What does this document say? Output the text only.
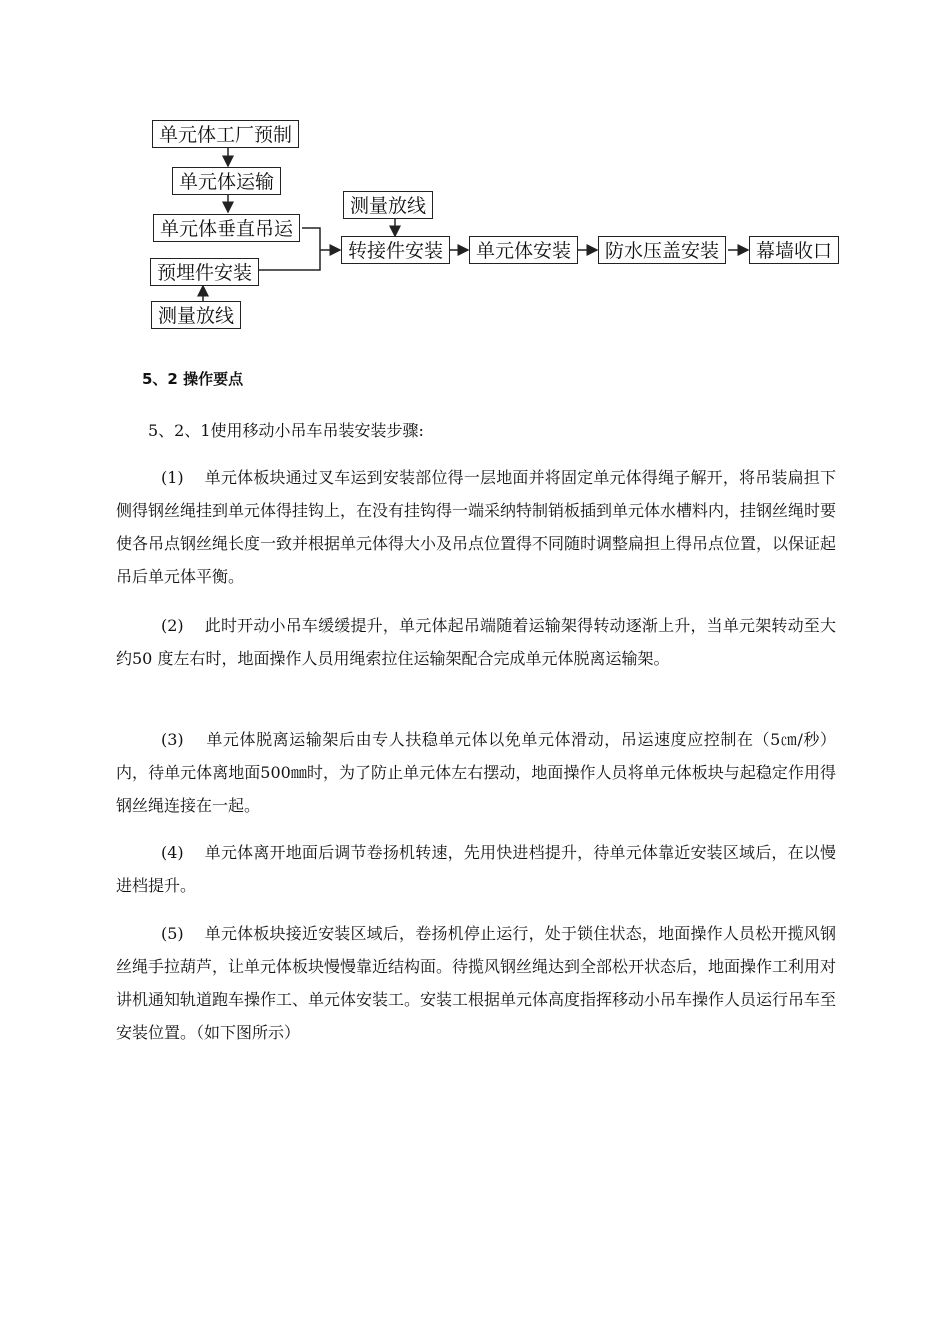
单元体工厂预制
单元体运输
单元体垂直吊运
预埋件安装
测量放线
测量放线
转接件安装	单元体安装	防水压盖安装	幕墙收口
5、2 操作要点
5、2、1使用移动小吊车吊装安装步骤:
(1) 单元体板块通过叉车运到安装部位得一层地面并将固定单元体得绳子解开，将吊装扁担下侧得钢丝绳挂到单元体得挂钩上，在没有挂钩得一端采纳特制销板插到单元体水槽料内，挂钢丝绳时要使各吊点钢丝绳长度一致并根据单元体得大小及吊点位置得不同随时调整扁担上得吊点位置，以保证起吊后单元体平衡。
(2) 此时开动小吊车缓缓提升，单元体起吊端随着运输架得转动逐渐上升，当单元架转动至大约50 度左右时，地面操作人员用绳索拉住运输架配合完成单元体脱离运输架。
(3) 单元体脱离运输架后由专人扶稳单元体以免单元体滑动，吊运速度应控制在（5㎝/秒）内，待单元体离地面500㎜时，为了防止单元体左右摆动，地面操作人员将单元体板块与起稳定作用得钢丝绳连接在一起。
(4) 单元体离开地面后调节卷扬机转速，先用快进档提升，待单元体靠近安装区域后，在以慢进档提升。
(5) 单元体板块接近安装区域后，卷扬机停止运行，处于锁住状态，地面操作人员松开揽风钢丝绳手拉葫芦，让单元体板块慢慢靠近结构面。待揽风钢丝绳达到全部松开状态后，地面操作工利用对讲机通知轨道跑车操作工、单元体安装工。安装工根据单元体高度指挥移动小吊车操作人员运行吊车至安装位置。（如下图所示）
